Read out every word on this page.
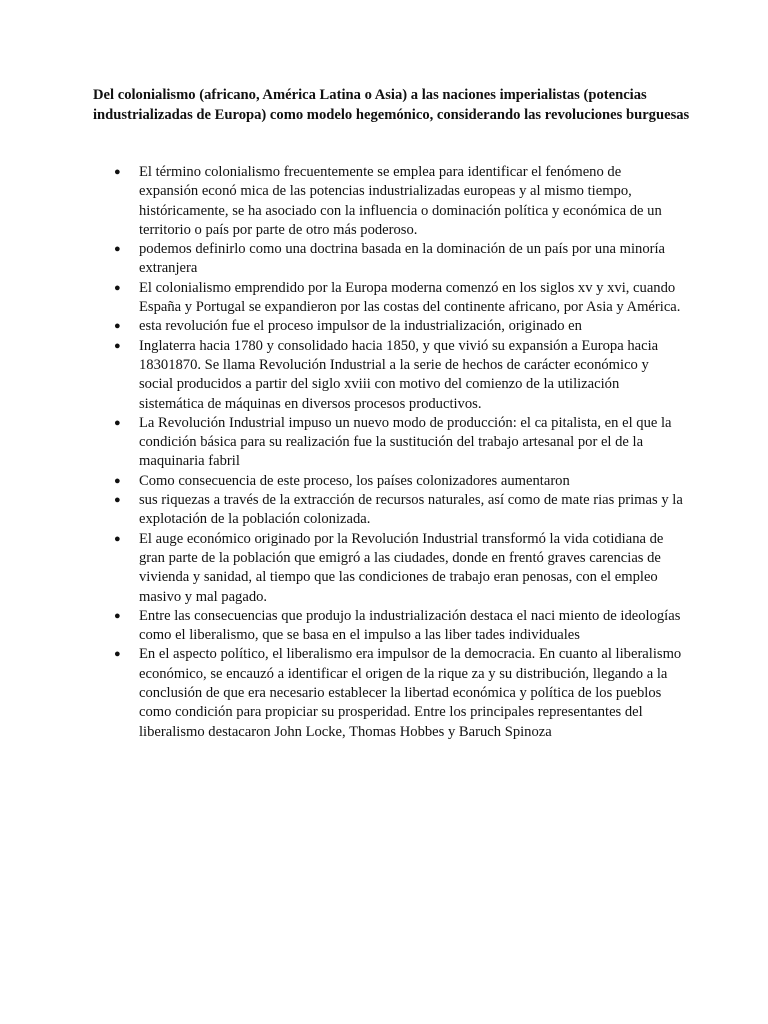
Del colonialismo (africano, América Latina o Asia) a las naciones imperialistas (potencias industrializadas de Europa) como modelo hegemónico, considerando las revoluciones burguesas

● El término colonialismo frecuentemente se emplea para identificar el fenómeno de expansión econó mica de las potencias industrializadas europeas y al mismo tiempo, históricamente, se ha asociado con la influencia o dominación política y económica de un territorio o país por parte de otro más poderoso.
● podemos definirlo como una doctrina basada en la dominación de un país por una minoría extranjera
● El colonialismo emprendido por la Europa moderna comenzó en los siglos xv y xvi, cuando España y Portugal se expandieron por las costas del continente africano, por Asia y América.
● esta revolución fue el proceso impulsor de la industrialización, originado en
● Inglaterra hacia 1780 y consolidado hacia 1850, y que vivió su expansión a Europa hacia 18301870. Se llama Revolución Industrial a la serie de hechos de carácter económico y social producidos a partir del siglo xviii con motivo del comienzo de la utilización sistemática de máquinas en diversos procesos productivos.
● La Revolución Industrial impuso un nuevo modo de producción: el ca pitalista, en el que la condición básica para su realización fue la sustitución del trabajo artesanal por el de la maquinaria fabril
● Como consecuencia de este proceso, los países colonizadores aumentaron
● sus riquezas a través de la extracción de recursos naturales, así como de mate rias primas y la explotación de la población colonizada.
● El auge económico originado por la Revolución Industrial transformó la vida cotidiana de gran parte de la población que emigró a las ciudades, donde en frentó graves carencias de vivienda y sanidad, al tiempo que las condiciones de trabajo eran penosas, con el empleo masivo y mal pagado.
● Entre las consecuencias que produjo la industrialización destaca el naci miento de ideologías como el liberalismo, que se basa en el impulso a las liber tades individuales
● En el aspecto político, el liberalismo era impulsor de la democracia. En cuanto al liberalismo económico, se encauzó a identificar el origen de la rique za y su distribución, llegando a la conclusión de que era necesario establecer la libertad económica y política de los pueblos como condición para propiciar su prosperidad. Entre los principales representantes del liberalismo destacaron John Locke, Thomas Hobbes y Baruch Spinoza
